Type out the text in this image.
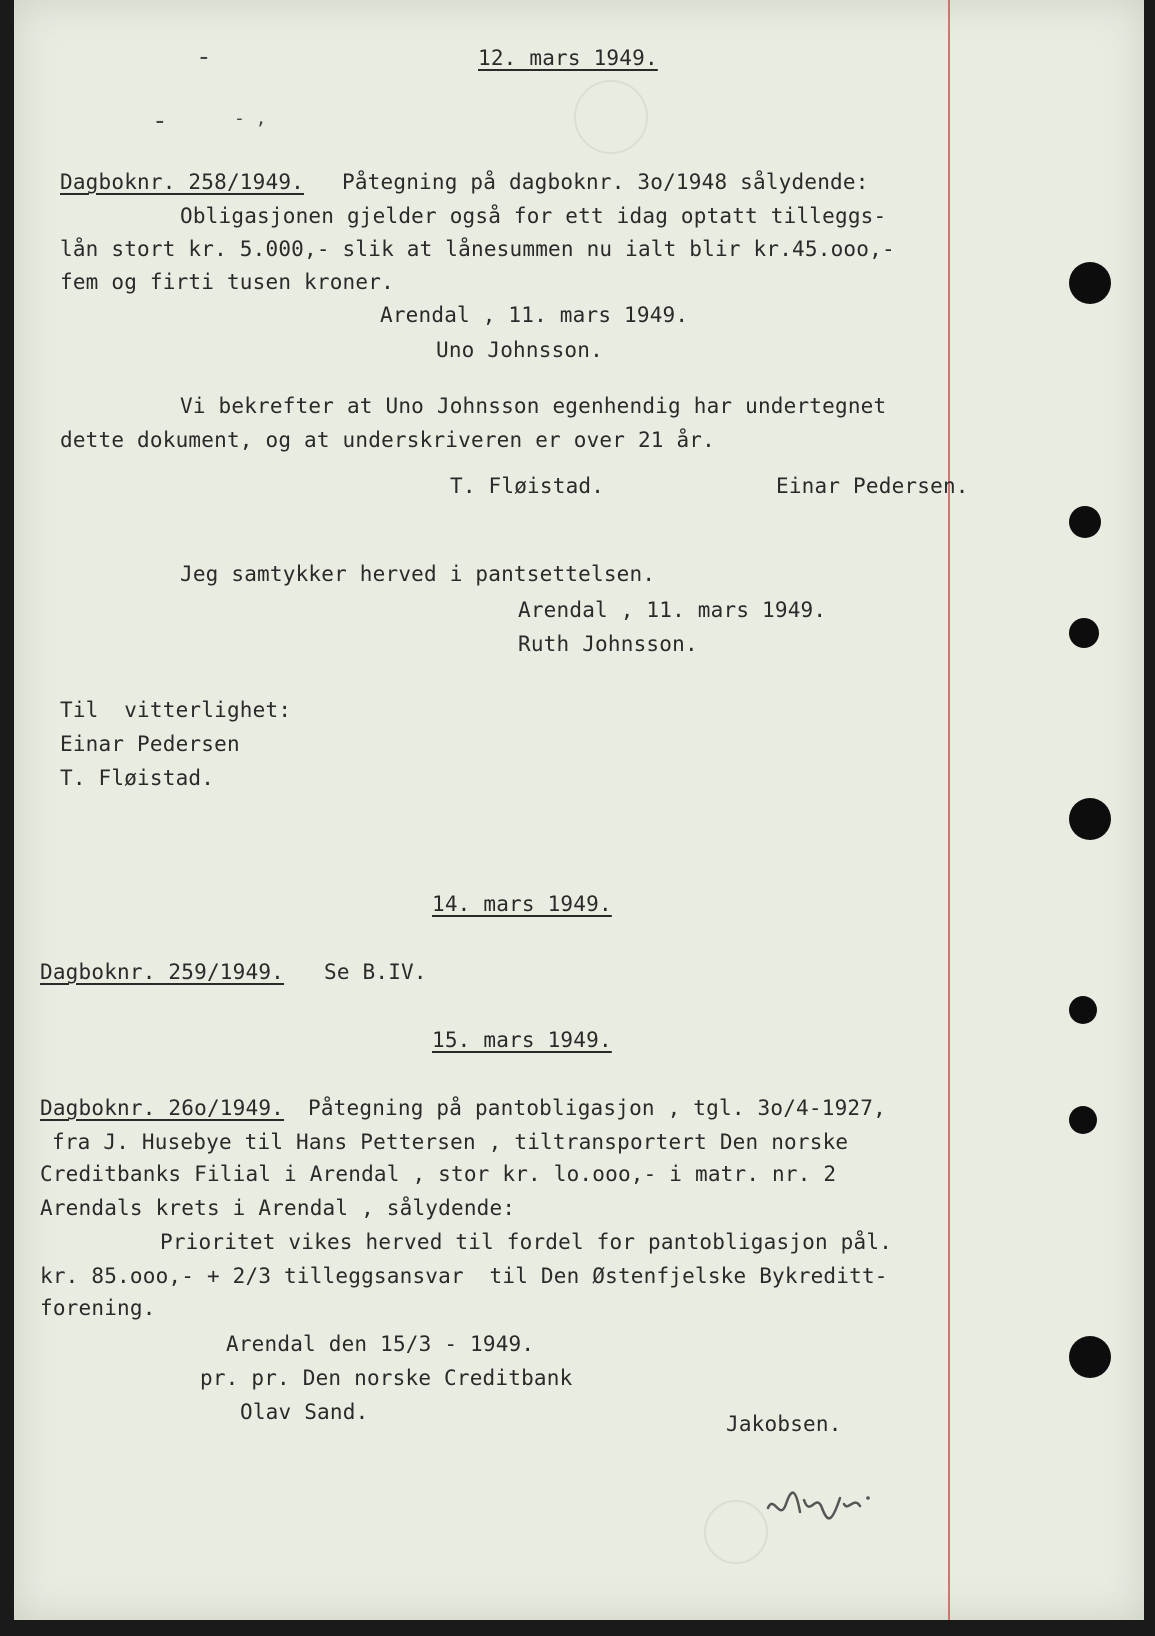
-
-	- ,
12. mars 1949.
Dagboknr. 258/1949. Påtegning på dagboknr. 3o/1948 sålydende:
Obligasjonen gjelder også for ett idag optatt tilleggs-
lån stort kr. 5.000,- slik at lånesummen nu ialt blir kr.45.ooo,-
fem og firti tusen kroner.
Arendal , 11. mars 1949.
Uno Johnsson.
Vi bekrefter at Uno Johnsson egenhendig har undertegnet
dette dokument, og at underskriveren er over 21 år.
T. Fløistad.	Einar Pedersen.
Jeg samtykker herved i pantsettelsen.
Arendal , 11. mars 1949.
Ruth Johnsson.
Til  vitterlighet:
Einar Pedersen
T. Fløistad.
14. mars 1949.
Dagboknr. 259/1949. Se B.IV.
15. mars 1949.
Dagboknr. 26o/1949. Påtegning på pantobligasjon , tgl. 3o/4-1927,
fra J. Husebye til Hans Pettersen , tiltransportert Den norske
Creditbanks Filial i Arendal , stor kr. lo.ooo,- i matr. nr. 2
Arendals krets i Arendal , sålydende:
Prioritet vikes herved til fordel for pantobligasjon pål.
kr. 85.ooo,- + 2/3 tilleggsansvar  til Den Østenfjelske Bykreditt-
forening.
Arendal den 15/3 - 1949.
pr. pr. Den norske Creditbank
Olav Sand.	Jakobsen.
